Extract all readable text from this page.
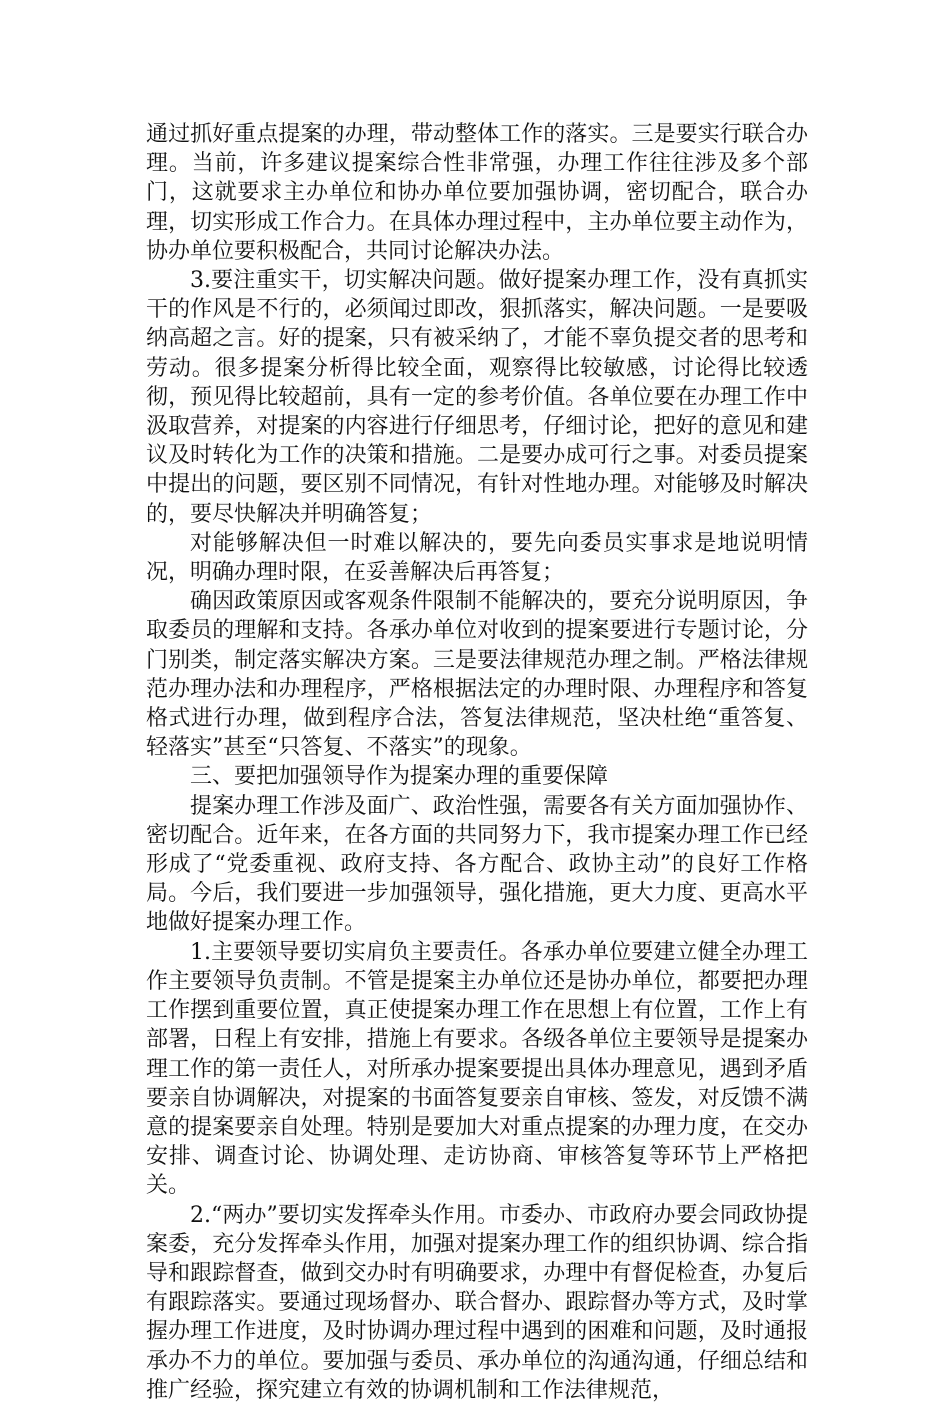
通过抓好重点提案的办理，带动整体工作的落实。三是要实行联合办理。当前，许多建议提案综合性非常强，办理工作往往涉及多个部门，这就要求主办单位和协办单位要加强协调，密切配合，联合办理，切实形成工作合力。在具体办理过程中，主办单位要主动作为，协办单位要积极配合，共同讨论解决办法。

3.要注重实干，切实解决问题。做好提案办理工作，没有真抓实干的作风是不行的，必须闻过即改，狠抓落实，解决问题。一是要吸纳高超之言。好的提案，只有被采纳了，才能不辜负提交者的思考和劳动。很多提案分析得比较全面，观察得比较敏感，讨论得比较透彻，预见得比较超前，具有一定的参考价值。各单位要在办理工作中汲取营养，对提案的内容进行仔细思考，仔细讨论，把好的意见和建议及时转化为工作的决策和措施。二是要办成可行之事。对委员提案中提出的问题，要区别不同情况，有针对性地办理。对能够及时解决的，要尽快解决并明确答复；

对能够解决但一时难以解决的，要先向委员实事求是地说明情况，明确办理时限，在妥善解决后再答复；

确因政策原因或客观条件限制不能解决的，要充分说明原因，争取委员的理解和支持。各承办单位对收到的提案要进行专题讨论，分门别类，制定落实解决方案。三是要法律规范办理之制。严格法律规范办理办法和办理程序，严格根据法定的办理时限、办理程序和答复格式进行办理，做到程序合法，答复法律规范，坚决杜绝“重答复、轻落实”甚至“只答复、不落实”的现象。

三、要把加强领导作为提案办理的重要保障

提案办理工作涉及面广、政治性强，需要各有关方面加强协作、密切配合。近年来，在各方面的共同努力下，我市提案办理工作已经形成了“党委重视、政府支持、各方配合、政协主动”的良好工作格局。今后，我们要进一步加强领导，强化措施，更大力度、更高水平地做好提案办理工作。

1.主要领导要切实肩负主要责任。各承办单位要建立健全办理工作主要领导负责制。不管是提案主办单位还是协办单位，都要把办理工作摆到重要位置，真正使提案办理工作在思想上有位置，工作上有部署，日程上有安排，措施上有要求。各级各单位主要领导是提案办理工作的第一责任人，对所承办提案要提出具体办理意见，遇到矛盾要亲自协调解决，对提案的书面答复要亲自审核、签发，对反馈不满意的提案要亲自处理。特别是要加大对重点提案的办理力度，在交办安排、调查讨论、协调处理、走访协商、审核答复等环节上严格把关。

2.“两办”要切实发挥牵头作用。市委办、市政府办要会同政协提案委，充分发挥牵头作用，加强对提案办理工作的组织协调、综合指导和跟踪督查，做到交办时有明确要求，办理中有督促检查，办复后有跟踪落实。要通过现场督办、联合督办、跟踪督办等方式，及时掌握办理工作进度，及时协调办理过程中遇到的困难和问题，及时通报承办不力的单位。要加强与委员、承办单位的沟通沟通，仔细总结和推广经验，探究建立有效的协调机制和工作法律规范，
